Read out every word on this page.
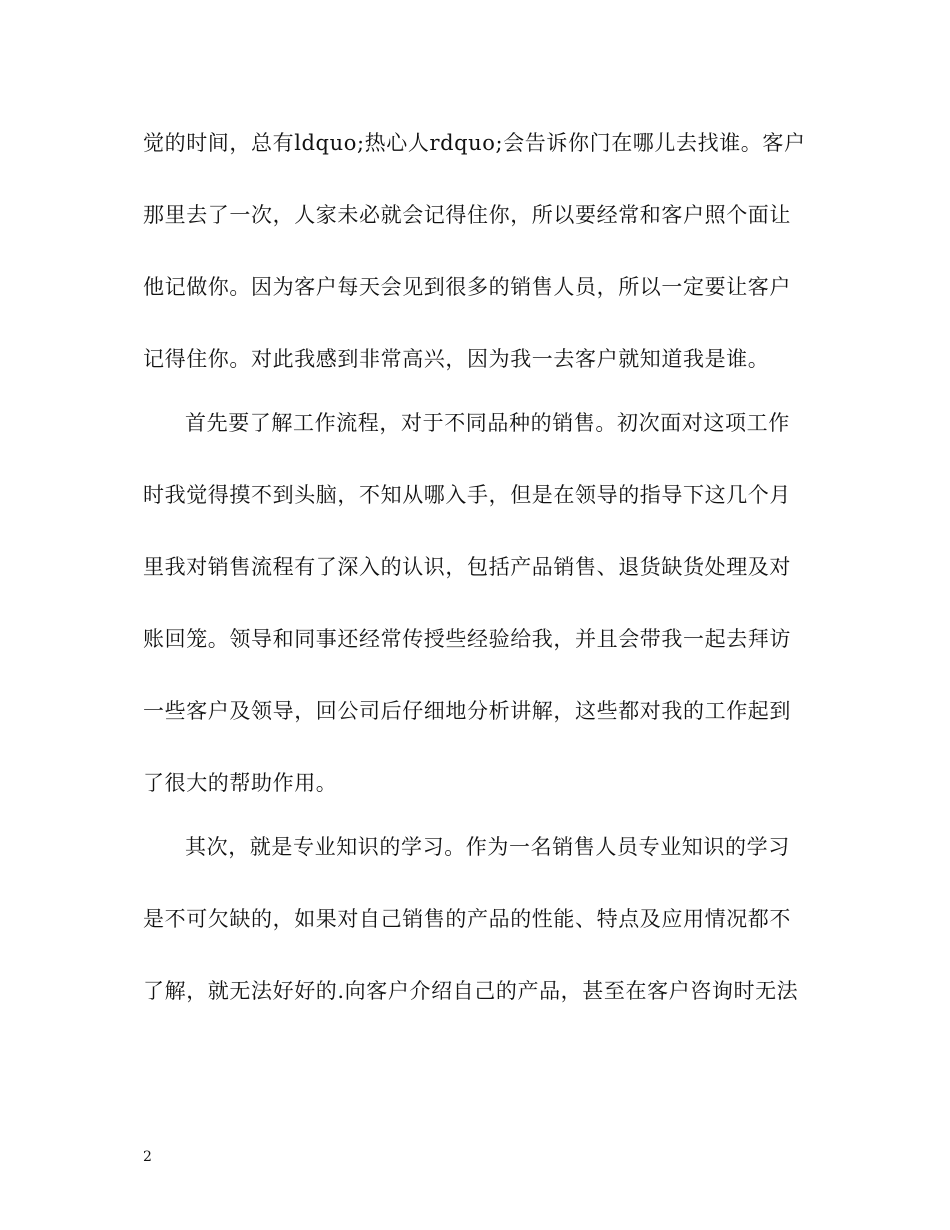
觉的时间，总有ldquo;热心人rdquo;会告诉你门在哪儿去找谁。客户
那里去了一次，人家未必就会记得住你，所以要经常和客户照个面让
他记做你。因为客户每天会见到很多的销售人员，所以一定要让客户
记得住你。对此我感到非常高兴，因为我一去客户就知道我是谁。
首先要了解工作流程，对于不同品种的销售。初次面对这项工作
时我觉得摸不到头脑，不知从哪入手，但是在领导的指导下这几个月
里我对销售流程有了深入的认识，包括产品销售、退货缺货处理及对
账回笼。领导和同事还经常传授些经验给我，并且会带我一起去拜访
一些客户及领导，回公司后仔细地分析讲解，这些都对我的工作起到
了很大的帮助作用。
其次，就是专业知识的学习。作为一名销售人员专业知识的学习
是不可欠缺的，如果对自己销售的产品的性能、特点及应用情况都不
了解，就无法好好的.向客户介绍自己的产品，甚至在客户咨询时无法
2
